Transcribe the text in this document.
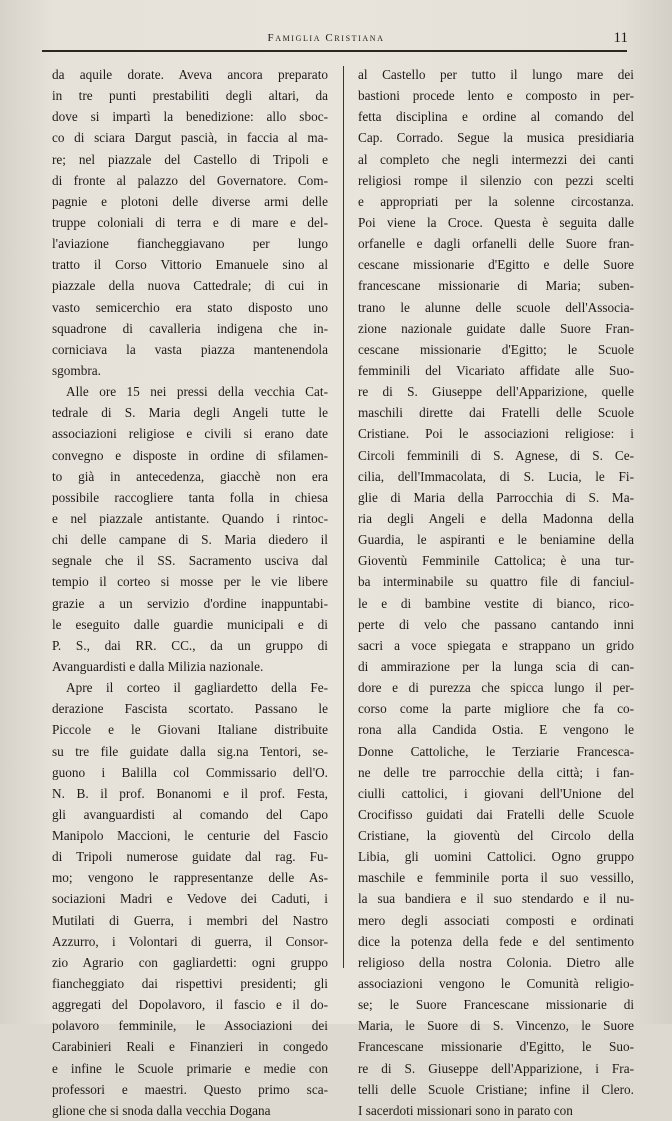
Famiglia Cristiana	11
da aquile dorate. Aveva ancora preparato
in tre punti prestabiliti degli altari, da
dove si impartì la benedizione: allo sboc-
co di sciara Dargut pascià, in faccia al ma-
re; nel piazzale del Castello di Tripoli e
di fronte al palazzo del Governatore. Com-
pagnie e plotoni delle diverse armi delle
truppe coloniali di terra e di mare e del-
l'aviazione fiancheggiavano per lungo
tratto il Corso Vittorio Emanuele sino al
piazzale della nuova Cattedrale; di cui in
vasto semicerchio era stato disposto uno
squadrone di cavalleria indigena che in-
corniciava la vasta piazza mantenendola
sgombra.
Alle ore 15 nei pressi della vecchia Cat-
tedrale di S. Maria degli Angeli tutte le
associazioni religiose e civili si erano date
convegno e disposte in ordine di sfilamen-
to già in antecedenza, giacchè non era
possibile raccogliere tanta folla in chiesa
e nel piazzale antistante. Quando i rintoc-
chi delle campane di S. Maria diedero il
segnale che il SS. Sacramento usciva dal
tempio il corteo si mosse per le vie libere
grazie a un servizio d'ordine inappuntabi-
le eseguito dalle guardie municipali e di
P. S., dai RR. CC., da un gruppo di
Avanguardisti e dalla Milizia nazionale.
Apre il corteo il gagliardetto della Fe-
derazione Fascista scortato. Passano le
Piccole e le Giovani Italiane distribuite
su tre file guidate dalla sig.na Tentori, se-
guono i Balilla col Commissario dell'O.
N. B. il prof. Bonanomi e il prof. Festa,
gli avanguardisti al comando del Capo
Manipolo Maccioni, le centurie del Fascio
di Tripoli numerose guidate dal rag. Fu-
mo; vengono le rappresentanze delle As-
sociazioni Madri e Vedove dei Caduti, i
Mutilati di Guerra, i membri del Nastro
Azzurro, i Volontari di guerra, il Consor-
zio Agrario con gagliardetti: ogni gruppo
fiancheggiato dai rispettivi presidenti; gli
aggregati del Dopolavoro, il fascio e il do-
polavoro femminile, le Associazioni dei
Carabinieri Reali e Finanzieri in congedo
e infine le Scuole primarie e medie con
professori e maestri. Questo primo sca-
glione che si snoda dalla vecchia Dogana
al Castello per tutto il lungo mare dei
bastioni procede lento e composto in per-
fetta disciplina e ordine al comando del
Cap. Corrado. Segue la musica presidiaria
al completo che negli intermezzi dei canti
religiosi rompe il silenzio con pezzi scelti
e appropriati per la solenne circostanza.
Poi viene la Croce. Questa è seguita dalle
orfanelle e dagli orfanelli delle Suore fran-
cescane missionarie d'Egitto e delle Suore
francescane missionarie di Maria; suben-
trano le alunne delle scuole dell'Associa-
zione nazionale guidate dalle Suore Fran-
cescane missionarie d'Egitto; le Scuole
femminili del Vicariato affidate alle Suo-
re di S. Giuseppe dell'Apparizione, quelle
maschili dirette dai Fratelli delle Scuole
Cristiane. Poi le associazioni religiose: i
Circoli femminili di S. Agnese, di S. Ce-
cilia, dell'Immacolata, di S. Lucia, le Fi-
glie di Maria della Parrocchia di S. Ma-
ria degli Angeli e della Madonna della
Guardia, le aspiranti e le beniamine della
Gioventù Femminile Cattolica; è una tur-
ba interminabile su quattro file di fanciul-
le e di bambine vestite di bianco, rico-
perte di velo che passano cantando inni
sacri a voce spiegata e strappano un grido
di ammirazione per la lunga scia di can-
dore e di purezza che spicca lungo il per-
corso come la parte migliore che fa co-
rona alla Candida Ostia. E vengono le
Donne Cattoliche, le Terziarie Francesca-
ne delle tre parrocchie della città; i fan-
ciulli cattolici, i giovani dell'Unione del
Crocifisso guidati dai Fratelli delle Scuole
Cristiane, la gioventù del Circolo della
Libia, gli uomini Cattolici. Ogno gruppo
maschile e femminile porta il suo vessillo,
la sua bandiera e il suo stendardo e il nu-
mero degli associati composti e ordinati
dice la potenza della fede e del sentimento
religioso della nostra Colonia. Dietro alle
associazioni vengono le Comunità religio-
se; le Suore Francescane missionarie di
Maria, le Suore di S. Vincenzo, le Suore
Francescane missionarie d'Egitto, le Suo-
re di S. Giuseppe dell'Apparizione, i Fra-
telli delle Scuole Cristiane; infine il Clero.
I sacerdoti missionari sono in parato con
